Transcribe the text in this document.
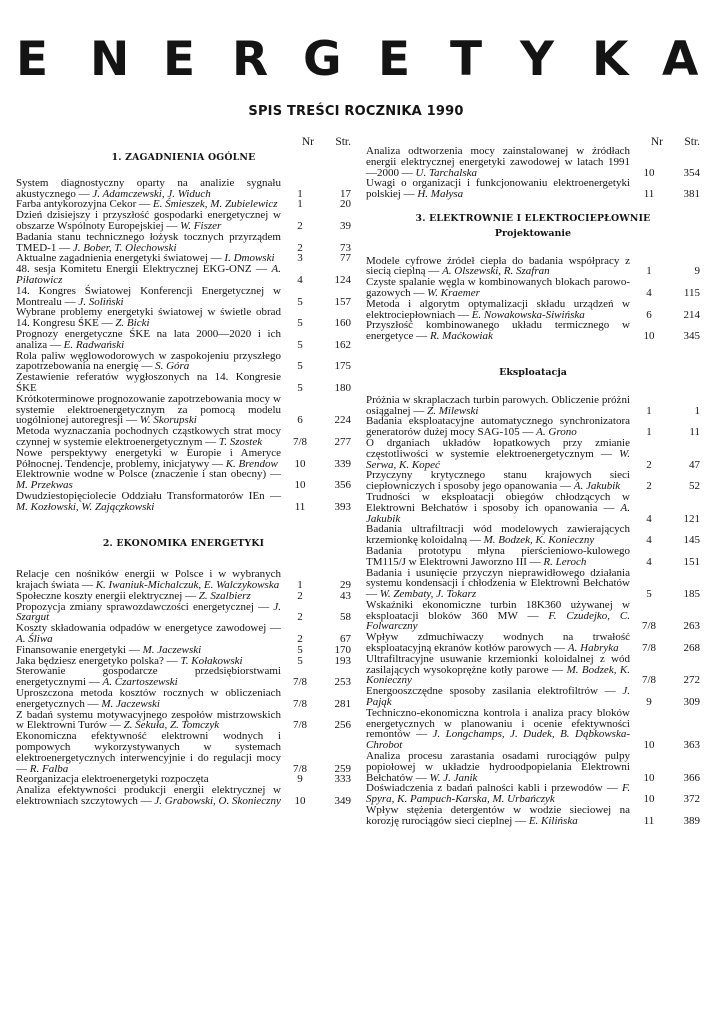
E N E R G E T Y K A
SPIS TREŚCI ROCZNIKA 1990
Nr Str.
1. ZAGADNIENIA OGÓLNE
System diagnostyczny oparty na analizie sygnału akustycznego — J. Adamczewski, J. Widuch	1	17
Farba antykorozyjna Cekor — E. Śmieszek, M. Zubielewicz	1	20
Dzień dzisiejszy i przyszłość gospodarki energetycznej w obszarze Wspólnoty Europejskiej — W. Fiszer	2	39
Badania stanu technicznego łożysk tocznych przyrządem TMED-1 — J. Bober, T. Olechowski	2	73
Aktualne zagadnienia energetyki światowej — I. Dmowski	3	77
48. sesja Komitetu Energii Elektrycznej EKG-ONZ — A. Piłatowicz	4	124
14. Kongres Światowej Konferencji Energetycznej w Montrealu — J. Soliński	5	157
Wybrane problemy energetyki światowej w świetle obrad 14. Kongresu ŚKE — Z. Bicki	5	160
Prognozy energetyczne ŚKE na lata 2000—2020 i ich analiza — E. Radwański	5	162
Rola paliw węglowodorowych w zaspokojeniu przyszłego zapotrzebowania na energię — S. Góra	5	175
Zestawienie referatów wygłoszonych na 14. Kongresie ŚKE	5	180
Krótkoterminowe prognozowanie zapotrzebowania mocy w systemie elektroenergetycznym za pomocą modelu uogólnionej autoregresji — W. Skorupski	6	224
Metoda wyznaczania pochodnych cząstkowych strat mocy czynnej w systemie elektroenergetycznym — T. Szostek	7/8	277
Nowe perspektywy energetyki w Europie i Ameryce Północnej. Tendencje, problemy, inicjatywy — K. Brendow	10	339
Elektrownie wodne w Polsce (znaczenie i stan obecny) — M. Przekwas	10	356
Dwudziestopięciolecie Oddziału Transformatorów IEn — M. Kozłowski, W. Zając̨zkowski	11	393
2. EKONOMIKA ENERGETYKI
Relacje cen nośników energii w Polsce i w wybranych krajach świata — K. Iwaniuk-Michalczuk, E. Walczykowska	1	29
Społeczne koszty energii elektrycznej — Z. Szalbierz	2	43
Propozycja zmiany sprawozdawczości energetycznej — J. Szargut	2	58
Koszty składowania odpadów w energetyce zawodowej — A. Śliwa	2	67
Finansowanie energetyki — M. Jaczewski	5	170
Jaka będziesz energetyko polska? — T. Kołakowski	5	193
Sterowanie gospodarcze przedsiębiorstwami energetycznymi — A. Czartoszewski	7/8	253
Uproszczona metoda kosztów rocznych w obliczeniach energetycznych — M. Jaczewski	7/8	281
Z badań systemu motywacyjnego zespołów mistrzowskich w Elektrowni Turów — Z. Sekuła, Z. Tomczyk	7/8	256
Ekonomiczna efektywność elektrowni wodnych i pompowych wykorzystywanych w systemach elektroenergetycznych interwencyjnie i do regulacji mocy — R. Falba	7/8	259
Reorganizacja elektroenergetyki rozpoczęta	9	333
Analiza efektywności produkcji energii elektrycznej w elektrowniach szczytowych — J. Grabowski, O. Skonieczny	10	349
Nr Str.
Analiza odtworzenia mocy zainstalowanej w źródłach energii elektrycznej energetyki zawodowej w latach 1991—2000 — U. Tarchalska	10	354
Uwagi o organizacji i funkcjonowaniu elektroenergetyki polskiej — H. Małysa	11	381
3. ELEKTROWNIE I ELEKTROCIEPŁOWNIE
Projektowanie
Modele cyfrowe źródeł ciepła do badania współpracy z siecią cieplną — A. Olszewski, R. Szafran	1	9
Czyste spalanie węgla w kombinowanych blokach parowo-gazowych — W. Kraemer	4	115
Metoda i algorytm optymalizacji składu urządzeń w elektrociepłowniach — E. Nowakowska-Siwińska	6	214
Przyszłość kombinowanego układu termicznego w energetyce — R. Maćkowiak	10	345
Eksploatacja
Próżnia w skraplaczach turbin parowych. Obliczenie próżni osiągalnej — Z. Milewski	1	1
Badania eksploatacyjne automatycznego synchronizatora generatorów dużej mocy SAG-105 — A. Grono	1	11
O drganiach układów łopatkowych przy zmianie częstotliwości w systemie elektroenergetycznym — W. Serwa, K. Kopeć	2	47
Przyczyny krytycznego stanu krajowych sieci ciepłowniczych i sposoby jego opanowania — A. Jakubik	2	52
Trudności w eksploatacji obiegów chłodzących w Elektrowni Bełchatów i sposoby ich opanowania — A. Jakubik	4	121
Badania ultrafiltracji wód modelowych zawierających krzemionkę koloidalną — M. Bodzek, K. Konieczny	4	145
Badania prototypu młyna pierścieniowo-kulowego TM115/J w Elektrowni Jaworzno III — R. Leroch	4	151
Badania i usunięcie przyczyn nieprawidłowego działania systemu kondensacji i chłodzenia w Elektrowni Bełchatów — W. Zembaty, J. Tokarz	5	185
Wskaźniki ekonomiczne turbin 18K360 używanej w eksploatacji bloków 360 MW — F. Czudejko, C. Folwarczny	7/8	263
Wpływ zdmuchiwaczy wodnych na trwałość eksploatacyjną ekranów kotłów parowych — A. Habryka	7/8	268
Ultrafiltracyjne usuwanie krzemionki koloidalnej z wód zasilających wysokoprężne kotły parowe — M. Bodzek, K. Konieczny	7/8	272
Energooszczędne sposoby zasilania elektrofiltrów — J. Pająk	9	309
Techniczno-ekonomiczna kontrola i analiza pracy bloków energetycznych w planowaniu i ocenie efektywności remontów — J. Longchamps, J. Dudek, B. Dąbkowska-Chrobot	10	363
Analiza procesu zarastania osadami rurociągów pulpy popiołowej w układzie hydroodpopielania Elektrowni Bełchatów — W. J. Janik	10	366
Doświadczenia z badań palności kabli i przewodów — F. Spyra, K. Pampuch-Karska, M. Urbańczyk	10	372
Wpływ stężenia detergentów w wodzie sieciowej na korozję rurociągów sieci cieplnej — E. Kilińska	11	389
